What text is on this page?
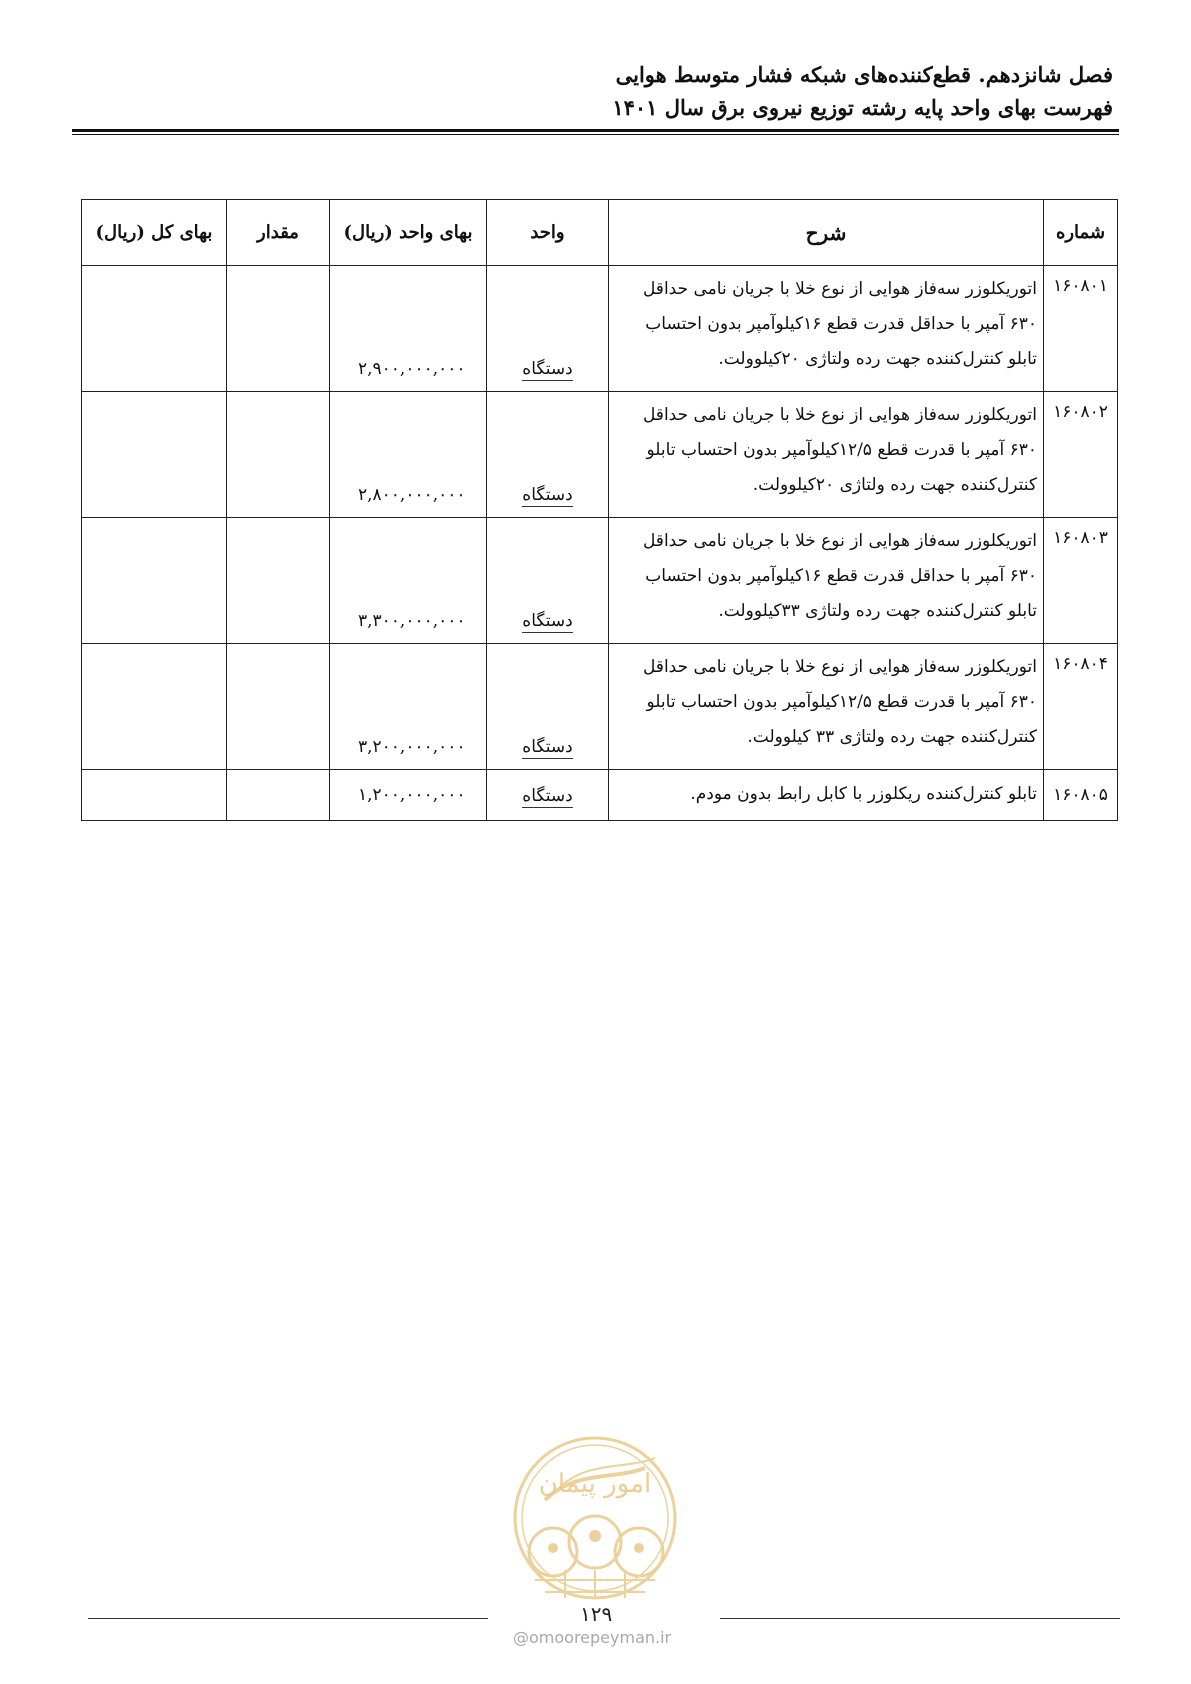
فصل شانزدهم. قطع‌کننده‌های شبکه فشار متوسط هوایی
فهرست بهای واحد پایه رشته توزیع نیروی برق سال ۱۴۰۱
شماره	شرح	واحد	بهای واحد (ریال)	مقدار	بهای کل (ریال)
۱۶۰۸۰۱	اتوریکلوزر سه‌فاز هوایی از نوع خلا با جریان نامی حداقل ۶۳۰ آمپر با حداقل قدرت قطع ۱۶کیلوآمپر بدون احتساب تابلو کنترل‌کننده جهت رده ولتاژی ۲۰کیلوولت.	دستگاه	۲,۹۰۰,۰۰۰,۰۰۰		
۱۶۰۸۰۲	اتوریکلوزر سه‌فاز هوایی از نوع خلا با جریان نامی حداقل ۶۳۰ آمپر با قدرت قطع ۱۲/۵کیلوآمپر بدون احتساب تابلو کنترل‌کننده جهت رده ولتاژی ۲۰کیلوولت.	دستگاه	۲,۸۰۰,۰۰۰,۰۰۰		
۱۶۰۸۰۳	اتوریکلوزر سه‌فاز هوایی از نوع خلا با جریان نامی حداقل ۶۳۰ آمپر با حداقل قدرت قطع ۱۶کیلوآمپر بدون احتساب تابلو کنترل‌کننده جهت رده ولتاژی ۳۳کیلوولت.	دستگاه	۳,۳۰۰,۰۰۰,۰۰۰		
۱۶۰۸۰۴	اتوریکلوزر سه‌فاز هوایی از نوع خلا با جریان نامی حداقل ۶۳۰ آمپر با قدرت قطع ۱۲/۵کیلوآمپر بدون احتساب تابلو کنترل‌کننده جهت رده ولتاژی ۳۳ کیلوولت.	دستگاه	۳,۲۰۰,۰۰۰,۰۰۰		
۱۶۰۸۰۵	تابلو کنترل‌کننده ریکلوزر با کابل رابط بدون مودم.	دستگاه	۱,۲۰۰,۰۰۰,۰۰۰		
امور پیمان
۱۲۹
@omoorepeyman.ir
